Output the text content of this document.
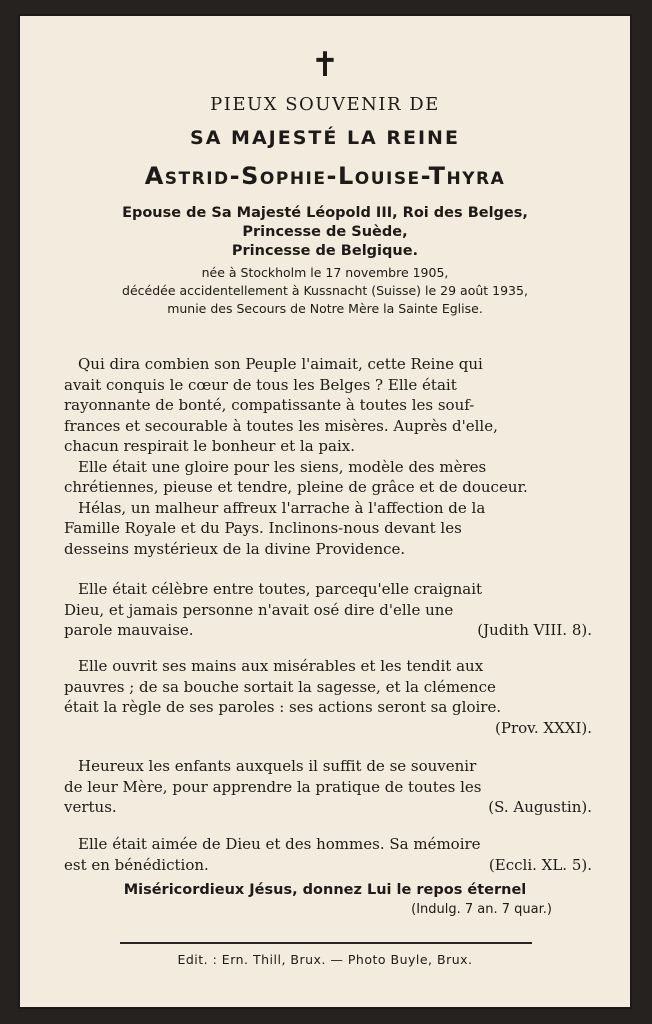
✝
PIEUX SOUVENIR DE
SA MAJESTÉ LA REINE
Astrid-Sophie-Louise-Thyra
Epouse de Sa Majesté Léopold III, Roi des Belges,
Princesse de Suède,
Princesse de Belgique.
née à Stockholm le 17 novembre 1905,
décédée accidentellement à Kussnacht (Suisse) le 29 août 1935,
munie des Secours de Notre Mère la Sainte Eglise.
Qui dira combien son Peuple l'aimait, cette Reine qui
avait conquis le cœur de tous les Belges ? Elle était
rayonnante de bonté, compatissante à toutes les souf-
frances et secourable à toutes les misères. Auprès d'elle,
chacun respirait le bonheur et la paix.
Elle était une gloire pour les siens, modèle des mères
chrétiennes, pieuse et tendre, pleine de grâce et de douceur.
Hélas, un malheur affreux l'arrache à l'affection de la
Famille Royale et du Pays. Inclinons-nous devant les
desseins mystérieux de la divine Providence.
Elle était célèbre entre toutes, parcequ'elle craignait
Dieu, et jamais personne n'avait osé dire d'elle une
parole mauvaise.	(Judith VIII. 8).
Elle ouvrit ses mains aux misérables et les tendit aux
pauvres ; de sa bouche sortait la sagesse, et la clémence
était la règle de ses paroles : ses actions seront sa gloire.
(Prov. XXXI).
Heureux les enfants auxquels il suffit de se souvenir
de leur Mère, pour apprendre la pratique de toutes les
vertus.	(S. Augustin).
Elle était aimée de Dieu et des hommes. Sa mémoire
est en bénédiction.	(Eccli. XL. 5).
Miséricordieux Jésus, donnez Lui le repos éternel
(Indulg. 7 an. 7 quar.)
Edit. : Ern. Thill, Brux. — Photo Buyle, Brux.
